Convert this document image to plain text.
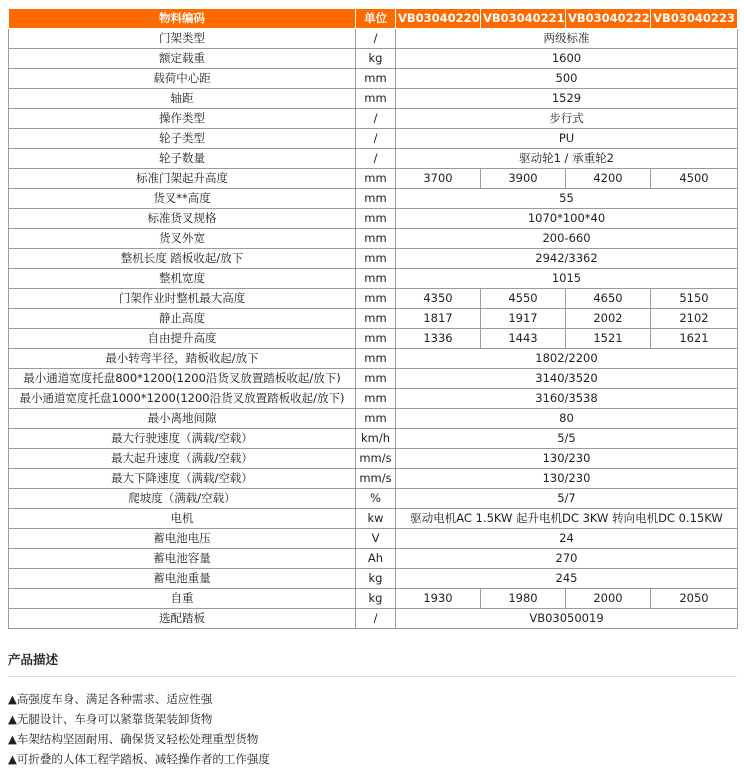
物料编码	单位	VB03040220	VB03040221	VB03040222	VB03040223
门架类型	/	两级标准			
额定载重	kg	1600			
载荷中心距	mm	500			
轴距	mm	1529			
操作类型	/	步行式			
轮子类型	/	PU			
轮子数量	/	驱动轮1 / 承重轮2			
标准门架起升高度	mm	3700	3900	4200	4500
货叉**高度	mm	55			
标准货叉规格	mm	1070*100*40			
货叉外宽	mm	200-660			
整机长度 踏板收起/放下	mm	2942/3362			
整机宽度	mm	1015			
门架作业时整机最大高度	mm	4350	4550	4650	5150
静止高度	mm	1817	1917	2002	2102
自由提升高度	mm	1336	1443	1521	1621
最小转弯半径，踏板收起/放下	mm	1802/2200			
最小通道宽度托盘800*1200(1200沿货叉放置踏板收起/放下)	mm	3140/3520			
最小通道宽度托盘1000*1200(1200沿货叉放置踏板收起/放下)	mm	3160/3538			
最小离地间隙	mm	80			
最大行驶速度（满载/空载）	km/h	5/5			
最大起升速度（满载/空载）	mm/s	130/230			
最大下降速度（满载/空载）	mm/s	130/230			
爬坡度（满载/空载）	%	5/7			
电机	kw	驱动电机AC 1.5KW 起升电机DC 3KW 转向电机DC 0.15KW			
蓄电池电压	V	24			
蓄电池容量	Ah	270			
蓄电池重量	kg	245			
自重	kg	1930	1980	2000	2050
选配踏板	/	VB03050019			
产品描述
▲高强度车身、满足各种需求、适应性强
▲无腿设计、车身可以紧靠货架装卸货物
▲车架结构坚固耐用、确保货叉轻松处理重型货物
▲可折叠的人体工程学踏板、减轻操作者的工作强度
